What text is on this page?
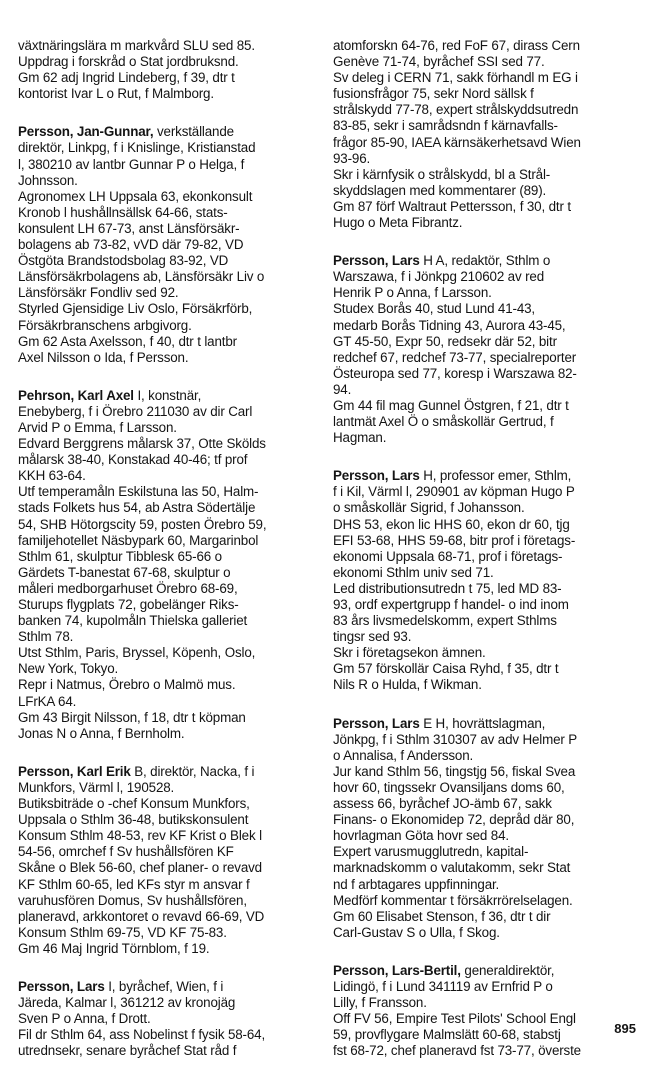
växtnäringslära m markvård SLU sed 85.
Uppdrag i forskråd o Stat jordbruksnd.
Gm 62 adj Ingrid Lindeberg, f 39, dtr t
kontorist Ivar L o Rut, f Malmborg.
Persson, Jan-Gunnar, verkställande
direktör, Linkpg, f i Knislinge, Kristianstad
l, 380210 av lantbr Gunnar P o Helga, f
Johnsson.
Agronomex LH Uppsala 63, ekonkonsult
Kronob l hushållnsällsk 64-66, stats-
konsulent LH 67-73, anst Länsförsäkr-
bolagens ab 73-82, vVD där 79-82, VD
Östgöta Brandstodsbolag 83-92, VD
Länsförsäkrbolagens ab, Länsförsäkr Liv o
Länsförsäkr Fondliv sed 92.
Styrled Gjensidige Liv Oslo, Försäkrförb,
Försäkrbranschens arbgivorg.
Gm 62 Asta Axelsson, f 40, dtr t lantbr
Axel Nilsson o Ida, f Persson.
Pehrson, Karl Axel I, konstnär,
Enebyberg, f i Örebro 211030 av dir Carl
Arvid P o Emma, f Larsson.
Edvard Berggrens målarsk 37, Otte Skölds
målarsk 38-40, Konstakad 40-46; tf prof
KKH 63-64.
Utf temperamåln Eskilstuna las 50, Halm-
stads Folkets hus 54, ab Astra Södertälje
54, SHB Hötorgscity 59, posten Örebro 59,
familjehotellet Näsbypark 60, Margarinbol
Sthlm 61, skulptur Tibblesk 65-66 o
Gärdets T-banestat 67-68, skulptur o
måleri medborgarhuset Örebro 68-69,
Sturups flygplats 72, gobelänger Riks-
banken 74, kupolmåln Thielska galleriet
Sthlm 78.
Utst Sthlm, Paris, Bryssel, Köpenh, Oslo,
New York, Tokyo.
Repr i Natmus, Örebro o Malmö mus.
LFrKA 64.
Gm 43 Birgit Nilsson, f 18, dtr t köpman
Jonas N o Anna, f Bernholm.
Persson, Karl Erik B, direktör, Nacka, f i
Munkfors, Värml l, 190528.
Butiksbiträde o -chef Konsum Munkfors,
Uppsala o Sthlm 36-48, butikskonsulent
Konsum Sthlm 48-53, rev KF Krist o Blek l
54-56, omrchef f Sv hushållsfören KF
Skåne o Blek 56-60, chef planer- o revavd
KF Sthlm 60-65, led KFs styr m ansvar f
varuhusfören Domus, Sv hushållsfören,
planeravd, arkkontoret o revavd 66-69, VD
Konsum Sthlm 69-75, VD KF 75-83.
Gm 46 Maj Ingrid Törnblom, f 19.
Persson, Lars I, byråchef, Wien, f i
Järeda, Kalmar l, 361212 av kronojäg
Sven P o Anna, f Drott.
Fil dr Sthlm 64, ass Nobelinst f fysik 58-64,
utrednsekr, senare byråchef Stat råd f
atomforskn 64-76, red FoF 67, dirass Cern
Genève 71-74, byråchef SSI sed 77.
Sv deleg i CERN 71, sakk förhandl m EG i
fusionsfrågor 75, sekr Nord sällsk f
strålskydd 77-78, expert strålskyddsutredn
83-85, sekr i samrådsndn f kärnavfalls-
frågor 85-90, IAEA kärnsäkerhetsavd Wien
93-96.
Skr i kärnfysik o strålskydd, bl a Strål-
skyddslagen med kommentarer (89).
Gm 87 förf Waltraut Pettersson, f 30, dtr t
Hugo o Meta Fibrantz.
Persson, Lars H A, redaktör, Sthlm o
Warszawa, f i Jönkpg 210602 av red
Henrik P o Anna, f Larsson.
Studex Borås 40, stud Lund 41-43,
medarb Borås Tidning 43, Aurora 43-45,
GT 45-50, Expr 50, redsekr där 52, bitr
redchef 67, redchef 73-77, specialreporter
Östeuropa sed 77, koresp i Warszawa 82-
94.
Gm 44 fil mag Gunnel Östgren, f 21, dtr t
lantmät Axel Ö o småskollär Gertrud, f
Hagman.
Persson, Lars H, professor emer, Sthlm,
f i Kil, Värml l, 290901 av köpman Hugo P
o småskollär Sigrid, f Johansson.
DHS 53, ekon lic HHS 60, ekon dr 60, tjg
EFI 53-68, HHS 59-68, bitr prof i företags-
ekonomi Uppsala 68-71, prof i företags-
ekonomi Sthlm univ sed 71.
Led distributionsutredn t 75, led MD 83-
93, ordf expertgrupp f handel- o ind inom
83 års livsmedelskomm, expert Sthlms
tingsr sed 93.
Skr i företagsekon ämnen.
Gm 57 förskollär Caisa Ryhd, f 35, dtr t
Nils R o Hulda, f Wikman.
Persson, Lars E H, hovrättslagman,
Jönkpg, f i Sthlm 310307 av adv Helmer P
o Annalisa, f Andersson.
Jur kand Sthlm 56, tingstjg 56, fiskal Svea
hovr 60, tingssekr Ovansiljans doms 60,
assess 66, byråchef JO-ämb 67, sakk
Finans- o Ekonomidep 72, depråd där 80,
hovrlagman Göta hovr sed 84.
Expert varusmugglutredn, kapital-
marknadskomm o valutakomm, sekr Stat
nd f arbtagares uppfinningar.
Medförf kommentar t försäkrrörelselagen.
Gm 60 Elisabet Stenson, f 36, dtr t dir
Carl-Gustav S o Ulla, f Skog.
Persson, Lars-Bertil, generaldirektör,
Lidingö, f i Lund 341119 av Ernfrid P o
Lilly, f Fransson.
Off FV 56, Empire Test Pilots' School Engl
59, provflygare Malmslätt 60-68, stabstj
fst 68-72, chef planeravd fst 73-77, överste
895
